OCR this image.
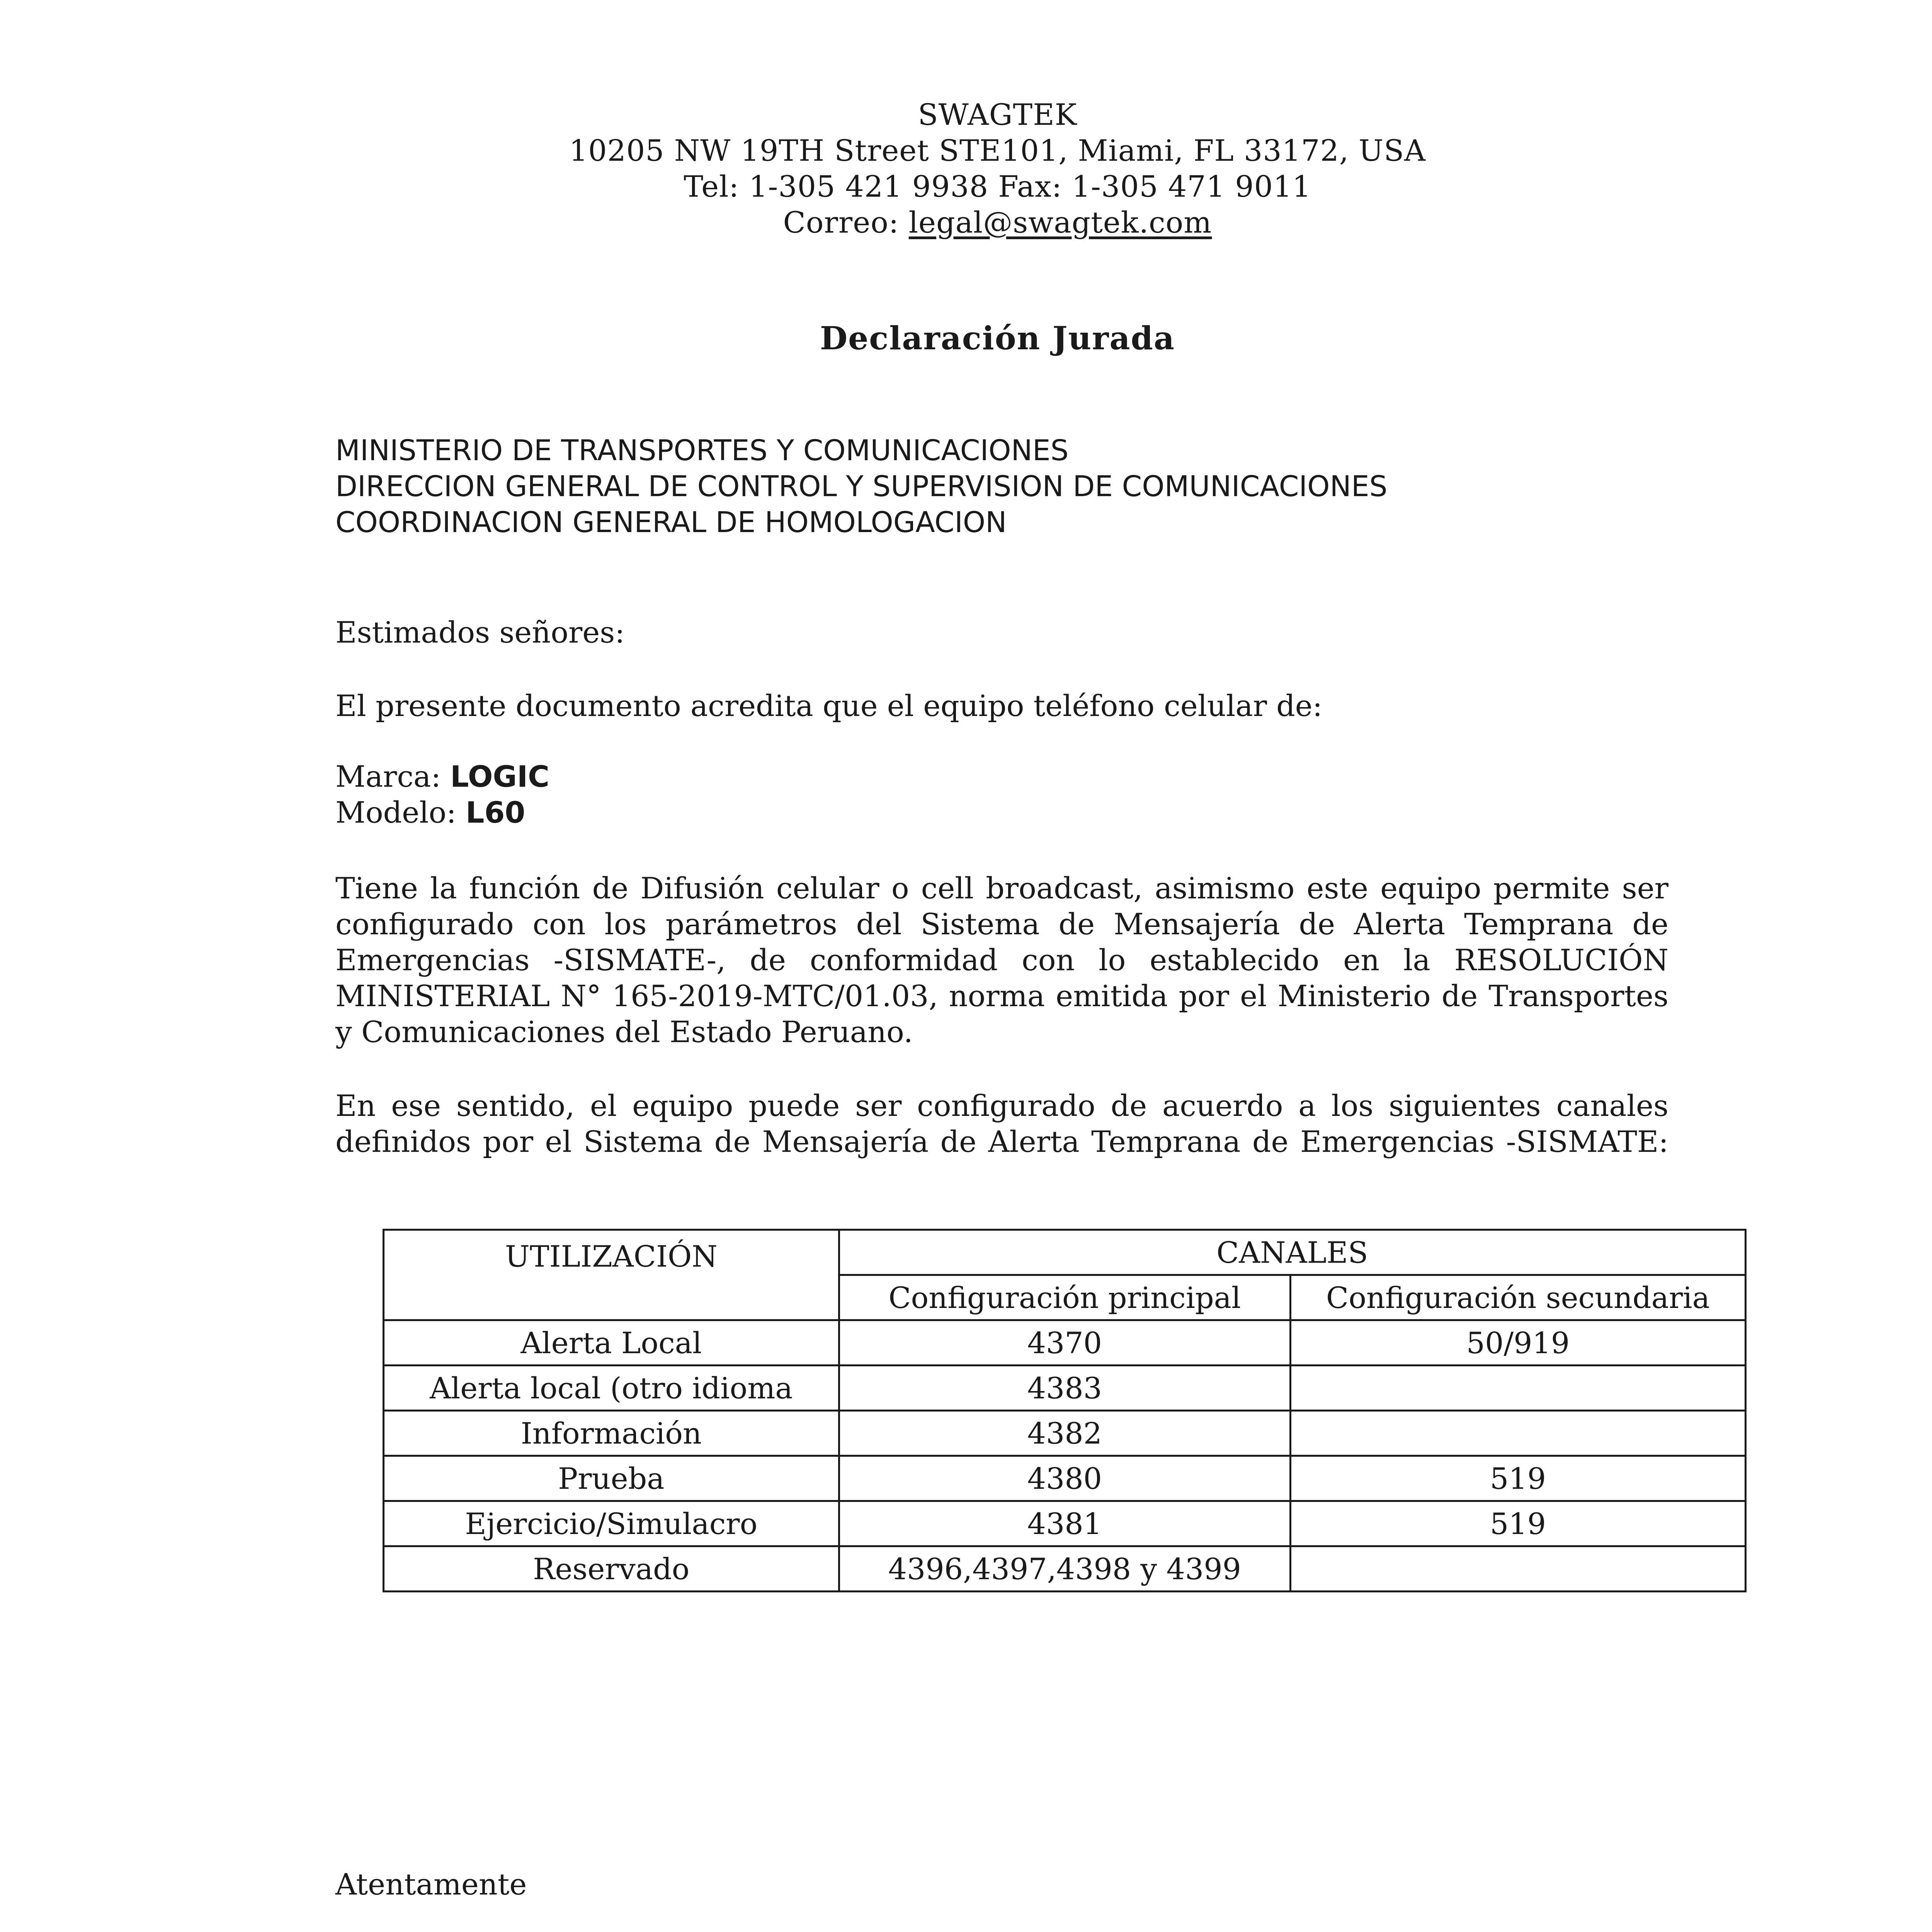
SWAGTEK
10205 NW 19TH Street STE101, Miami, FL 33172, USA
Tel: 1-305 421 9938 Fax: 1-305 471 9011
Correo: legal@swagtek.com
Declaración Jurada
MINISTERIO DE TRANSPORTES Y COMUNICACIONES
DIRECCION GENERAL DE CONTROL Y SUPERVISION DE COMUNICACIONES
COORDINACION GENERAL DE HOMOLOGACION
Estimados señores:
El presente documento acredita que el equipo teléfono celular de:
Marca: LOGIC
Modelo: L60
Tiene la función de Difusión celular o cell broadcast, asimismo este equipo permite ser
configurado con los parámetros del Sistema de Mensajería de Alerta Temprana de
Emergencias -SISMATE-, de conformidad con lo establecido en la RESOLUCIÓN
MINISTERIAL N° 165-2019-MTC/01.03, norma emitida por el Ministerio de Transportes
y Comunicaciones del Estado Peruano.
En ese sentido, el equipo puede ser configurado de acuerdo a los siguientes canales
definidos por el Sistema de Mensajería de Alerta Temprana de Emergencias -SISMATE:
UTILIZACIÓN	CANALES	
	Configuración principal	Configuración secundaria
Alerta Local	4370	50/919
Alerta local (otro idioma	4383	
Información	4382	
Prueba	4380	519
Ejercicio/Simulacro	4381	519
Reservado	4396,4397,4398 y 4399	
Atentamente
